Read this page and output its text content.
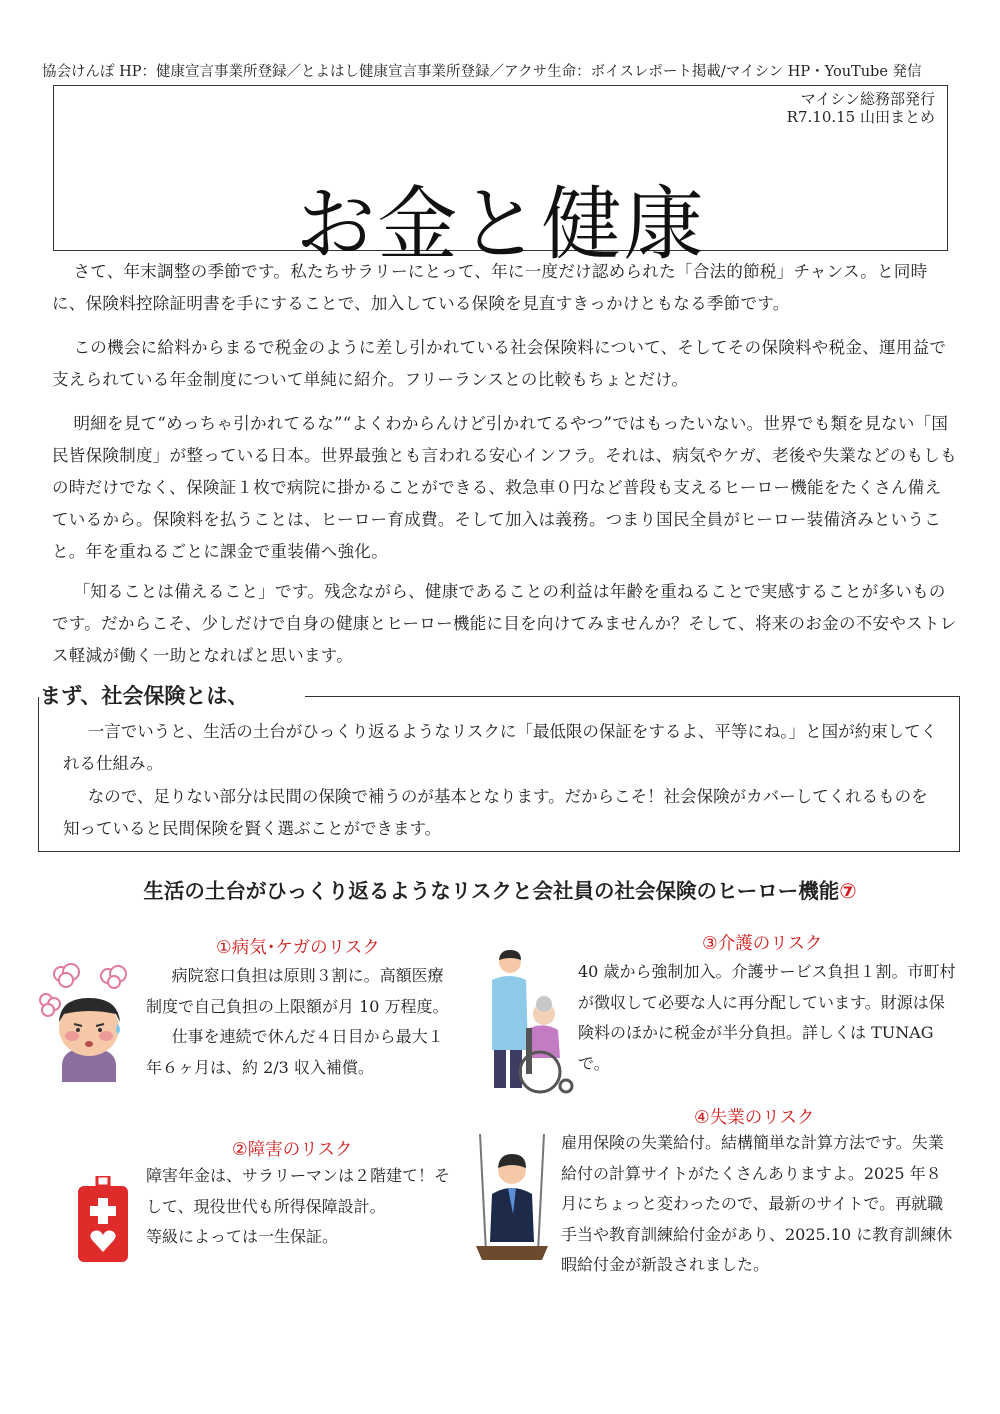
協会けんぽ HP：健康宣言事業所登録／とよはし健康宣言事業所登録／アクサ生命：ボイスレポート掲載/マイシン HP・YouTube 発信
マイシン総務部発行
R7.10.15 山田まとめ
お金と健康

さて、年末調整の季節です。私たちサラリーにとって、年に一度だけ認められた「合法的節税」チャンス。と同時に、保険料控除証明書を手にすることで、加入している保険を見直すきっかけともなる季節です。

この機会に給料からまるで税金のように差し引かれている社会保険料について、そしてその保険料や税金、運用益で支えられている年金制度について単純に紹介。フリーランスとの比較もちょとだけ。

明細を見て“めっちゃ引かれてるな”“よくわからんけど引かれてるやつ”ではもったいない。世界でも類を見ない「国民皆保険制度」が整っている日本。世界最強とも言われる安心インフラ。それは、病気やケガ、老後や失業などのもしもの時だけでなく、保険証１枚で病院に掛かることができる、救急車０円など普段も支えるヒーロー機能をたくさん備えているから。保険料を払うことは、ヒーロー育成費。そして加入は義務。つまり国民全員がヒーロー装備済みということ。年を重ねるごとに課金で重装備へ強化。

「知ることは備えること」です。残念ながら、健康であることの利益は年齢を重ねることで実感することが多いものです。だからこそ、少しだけで自身の健康とヒーロー機能に目を向けてみませんか？そして、将来のお金の不安やストレス軽減が働く一助となればと思います。

まず、社会保険とは、

一言でいうと、生活の土台がひっくり返るようなリスクに「最低限の保証をするよ、平等にね。」と国が約束してくれる仕組み。

なので、足りない部分は民間の保険で補うのが基本となります。だからこそ！社会保険がカバーしてくれるものを知っていると民間保険を賢く選ぶことができます。

生活の土台がひっくり返るようなリスクと会社員の社会保険のヒーロー機能⑦
①病気･ケガのリスク

病院窓口負担は原則３割に。高額医療制度で自己負担の上限額が月 10 万程度。

仕事を連続で休んだ４日目から最大１年６ヶ月は、約 2/3 収入補償。

②障害のリスク

障害年金は、サラリーマンは２階建て！そして、現役世代も所得保障設計。

等級によっては一生保証。

③介護のリスク

40 歳から強制加入。介護サービス負担１割。市町村が徴収して必要な人に再分配しています。財源は保険料のほかに税金が半分負担。詳しくは TUNAG で。

④失業のリスク

雇用保険の失業給付。結構簡単な計算方法です。失業給付の計算サイトがたくさんありますよ。2025 年８月にちょっと変わったので、最新のサイトで。再就職手当や教育訓練給付金があり、2025.10 に教育訓練休暇給付金が新設されました。
